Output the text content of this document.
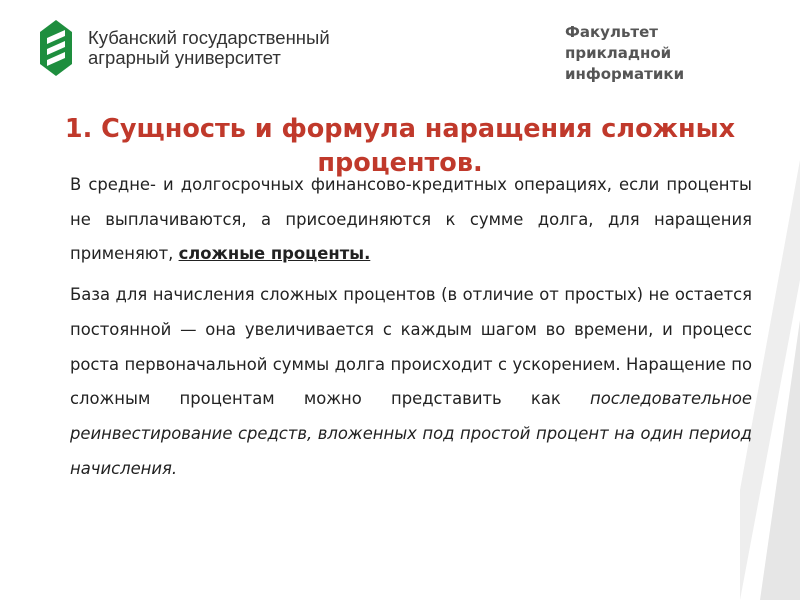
Кубанский государственный
аграрный университет
Факультет
прикладной
информатики
1. Сущность и формула наращения сложных процентов.

В средне- и долгосрочных финансово-кредитных операциях, если проценты не выплачиваются, а присоединяются к сумме долга, для наращения применяют, сложные проценты.

База для начисления сложных процентов (в отличие от простых) не остается постоянной — она увеличивается с каждым шагом во времени, и процесс роста первоначальной суммы долга происходит с ускорением. Наращение по сложным процентам можно представить как последовательное реинвестирование средств, вложенных под простой процент на один период начисления.
